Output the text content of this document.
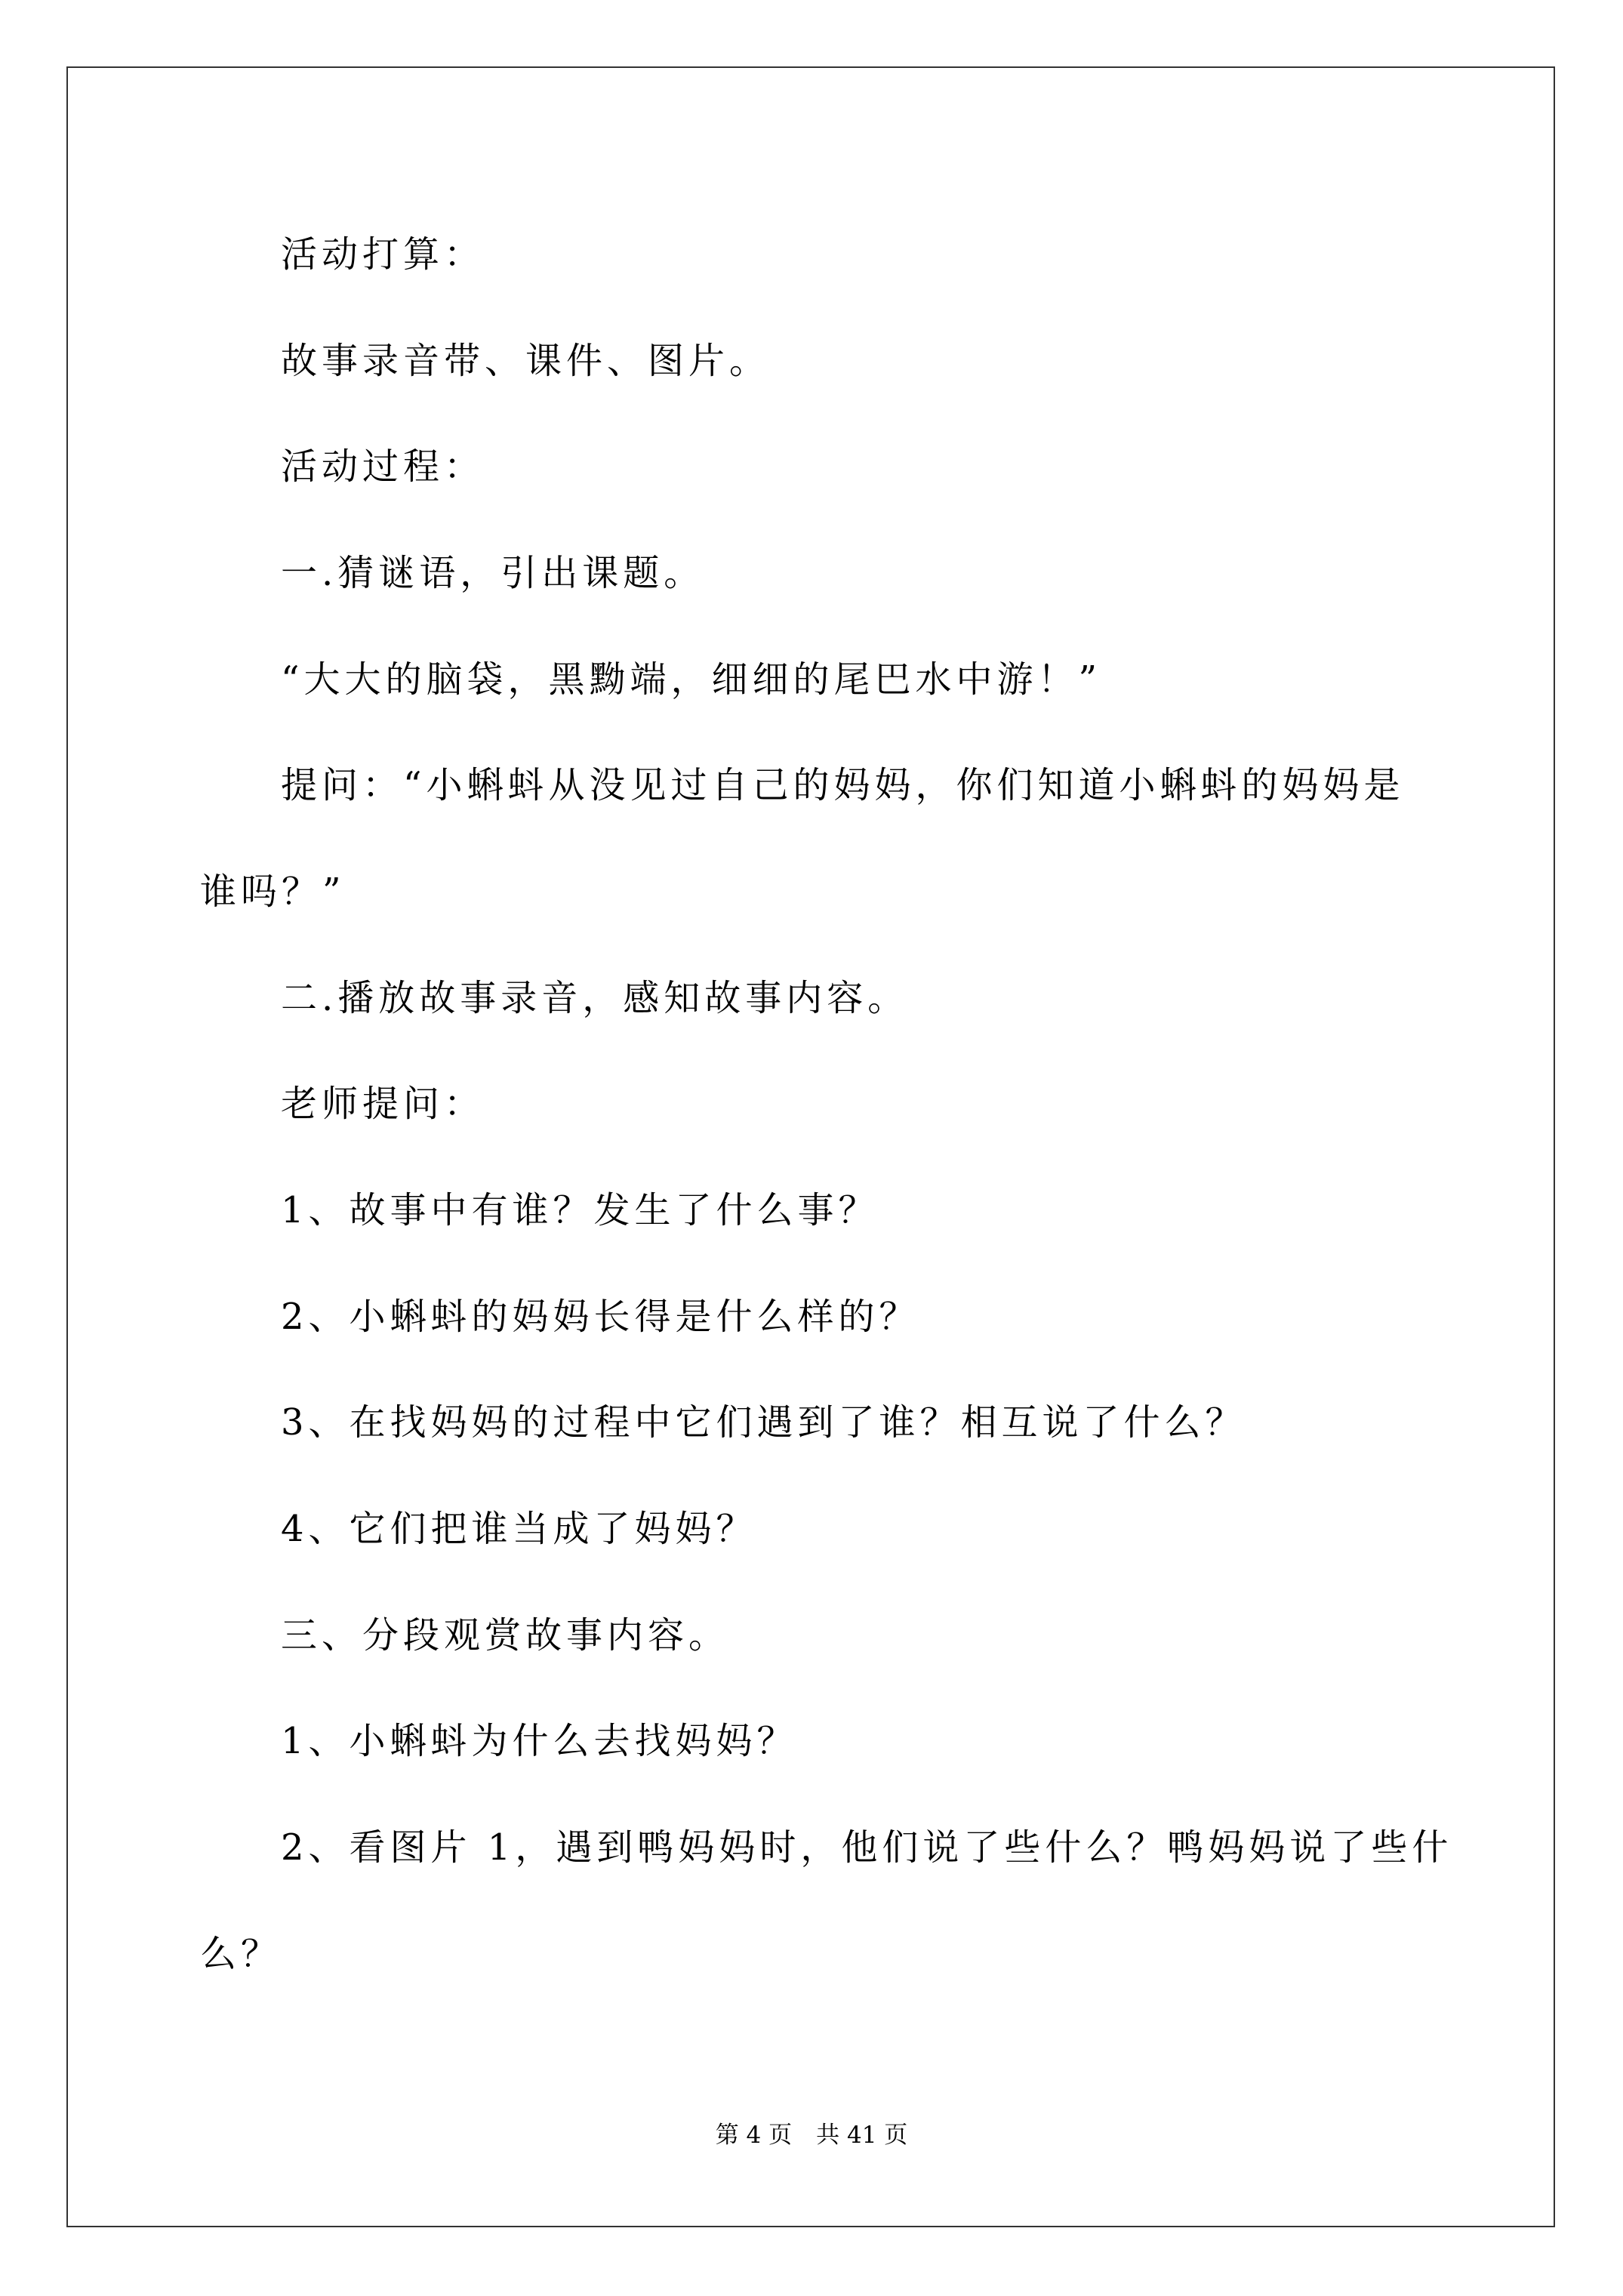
活动打算：
故事录音带、课件、图片。
活动过程：
一.猜谜语，引出课题。
“大大的脑袋，黑黝端，细细的尾巴水中游！”
提问：“小蝌蚪从没见过自己的妈妈，你们知道小蝌蚪的妈妈是
谁吗？”
二.播放故事录音，感知故事内容。
老师提问：
1、故事中有谁？发生了什么事？
2、小蝌蚪的妈妈长得是什么样的？
3、在找妈妈的过程中它们遇到了谁？相互说了什么？
4、它们把谁当成了妈妈？
三、分段观赏故事内容。
1、小蝌蚪为什么去找妈妈？
2、看图片 1，遇到鸭妈妈时，他们说了些什么？鸭妈妈说了些什
么？
第 4 页 共 41 页
